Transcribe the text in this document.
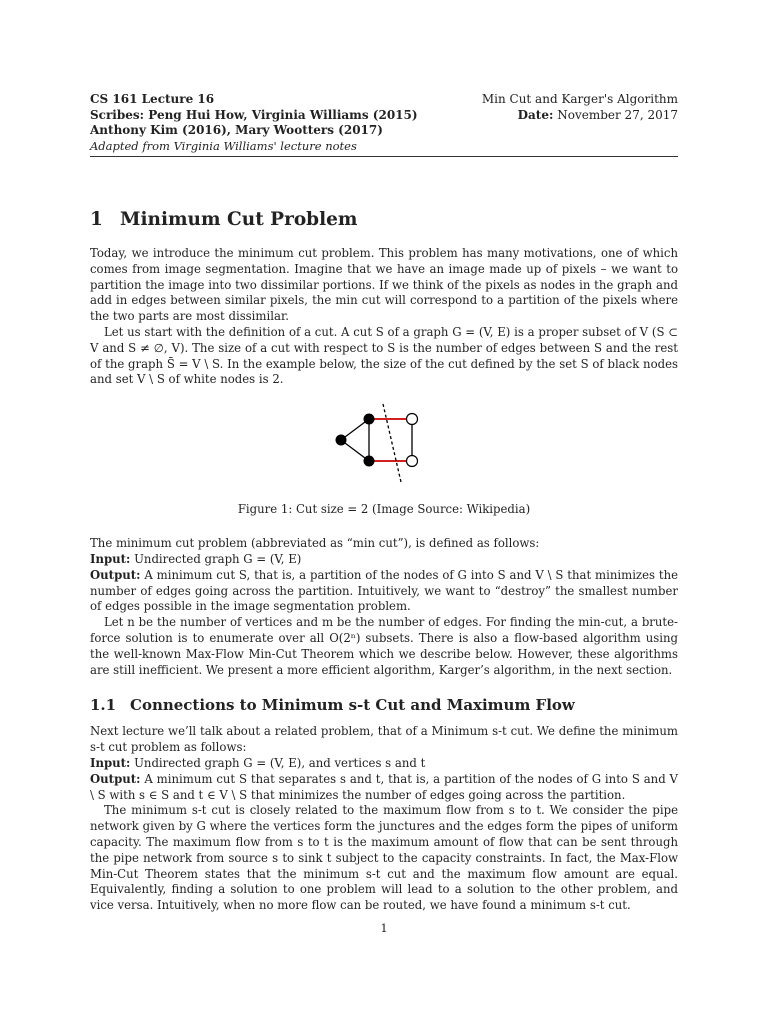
CS 161 Lecture 16
Scribes: Peng Hui How, Virginia Williams (2015)
Anthony Kim (2016), Mary Wootters (2017)
Adapted from Virginia Williams' lecture notes
Min Cut and Karger's Algorithm
Date: November 27, 2017
1 Minimum Cut Problem

Today, we introduce the minimum cut problem. This problem has many motivations, one of which comes from image segmentation. Imagine that we have an image made up of pixels – we want to partition the image into two dissimilar portions. If we think of the pixels as nodes in the graph and add in edges between similar pixels, the min cut will correspond to a partition of the pixels where the two parts are most dissimilar.

Let us start with the definition of a cut. A cut S of a graph G = (V, E) is a proper subset of V (S ⊂ V and S ≠ ∅, V). The size of a cut with respect to S is the number of edges between S and the rest of the graph S̄ = V \ S. In the example below, the size of the cut defined by the set S of black nodes and set V \ S of white nodes is 2.

Figure 1: Cut size = 2 (Image Source: Wikipedia)

The minimum cut problem (abbreviated as “min cut”), is defined as follows:

Input: Undirected graph G = (V, E)

Output: A minimum cut S, that is, a partition of the nodes of G into S and V \ S that minimizes the number of edges going across the partition. Intuitively, we want to “destroy” the smallest number of edges possible in the image segmentation problem.

Let n be the number of vertices and m be the number of edges. For finding the min-cut, a brute-force solution is to enumerate over all O(2ⁿ) subsets. There is also a flow-based algorithm using the well-known Max-Flow Min-Cut Theorem which we describe below. However, these algorithms are still inefficient. We present a more efficient algorithm, Karger’s algorithm, in the next section.

1.1 Connections to Minimum s-t Cut and Maximum Flow

Next lecture we’ll talk about a related problem, that of a Minimum s-t cut. We define the minimum s-t cut problem as follows:

Input: Undirected graph G = (V, E), and vertices s and t

Output: A minimum cut S that separates s and t, that is, a partition of the nodes of G into S and V \ S with s ∈ S and t ∈ V \ S that minimizes the number of edges going across the partition.

The minimum s-t cut is closely related to the maximum flow from s to t. We consider the pipe network given by G where the vertices form the junctures and the edges form the pipes of uniform capacity. The maximum flow from s to t is the maximum amount of flow that can be sent through the pipe network from source s to sink t subject to the capacity constraints. In fact, the Max-Flow Min-Cut Theorem states that the minimum s-t cut and the maximum flow amount are equal. Equivalently, finding a solution to one problem will lead to a solution to the other problem, and vice versa. Intuitively, when no more flow can be routed, we have found a minimum s-t cut.

1
